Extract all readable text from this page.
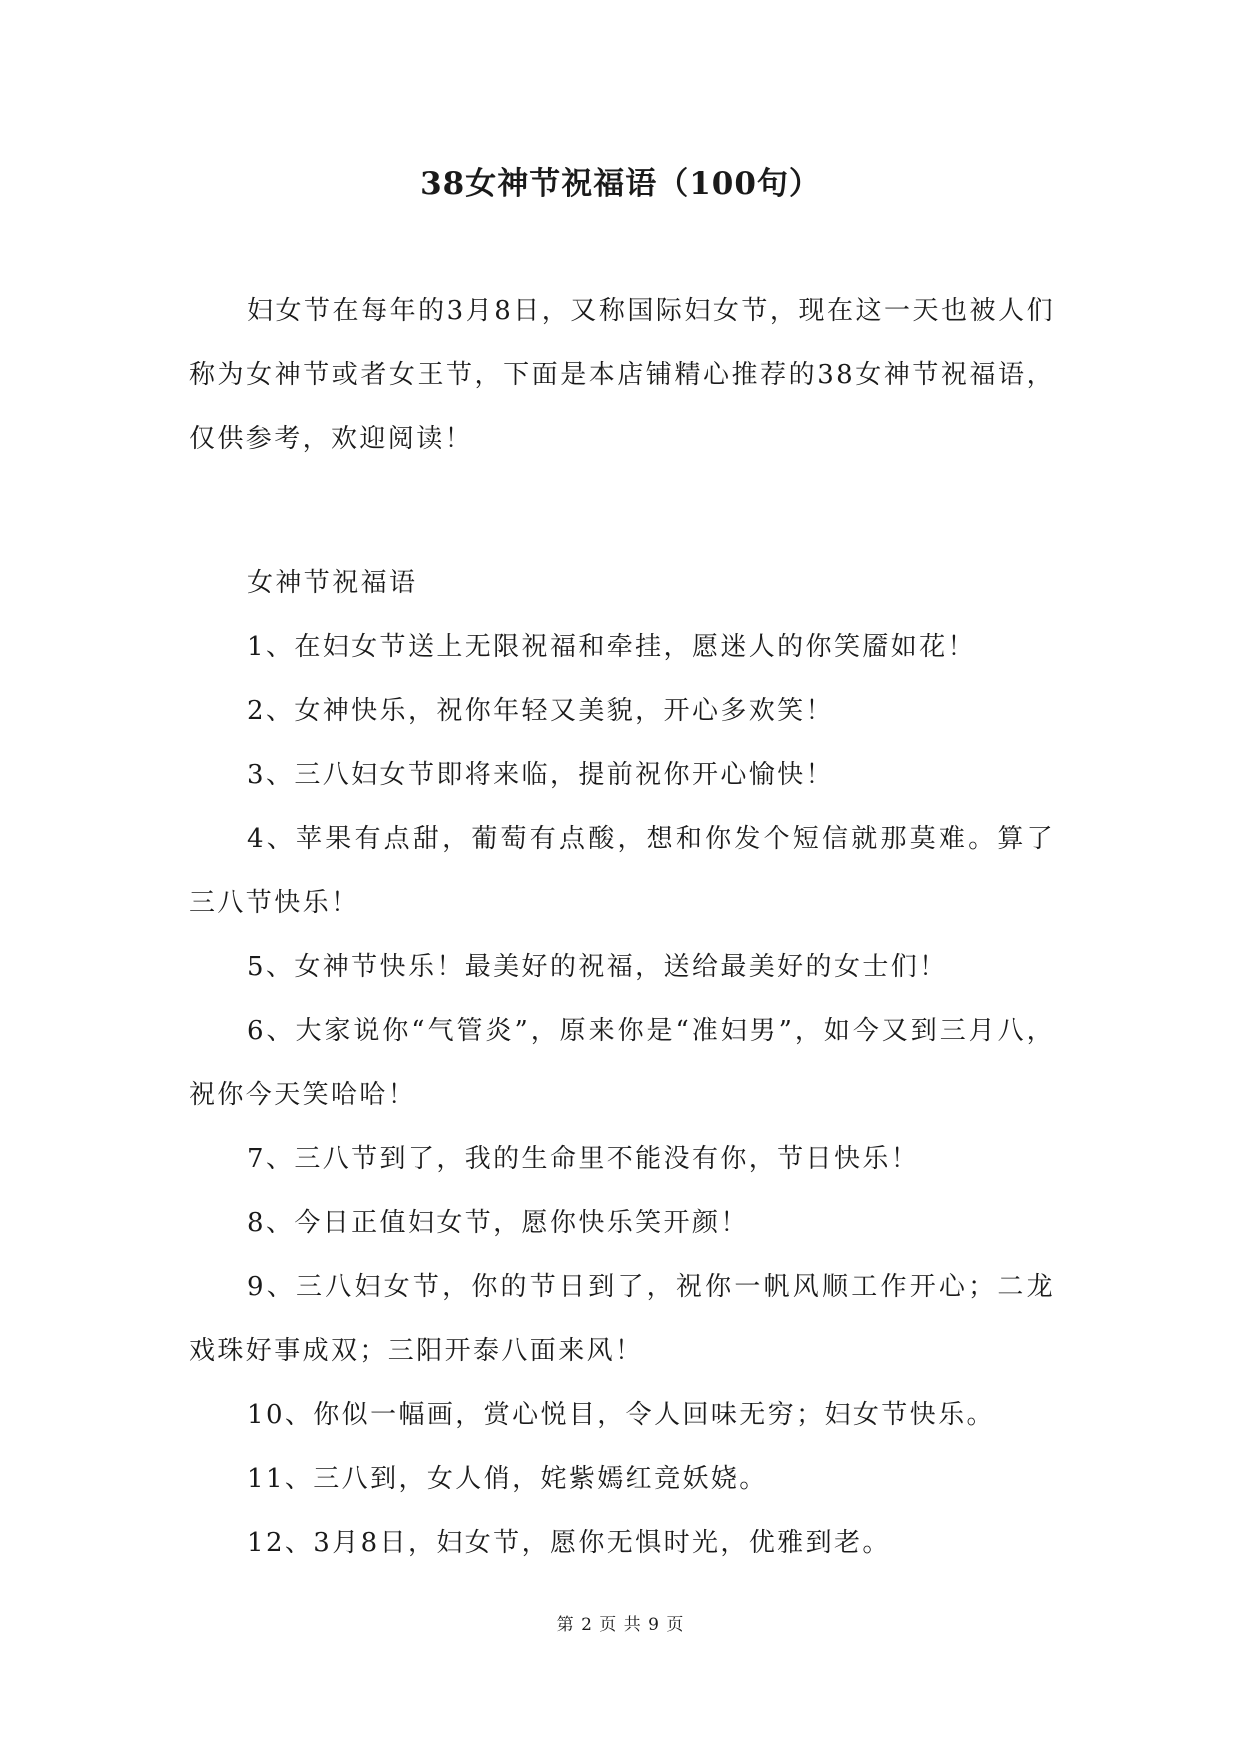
38女神节祝福语（100句）

妇女节在每年的3月8日，又称国际妇女节，现在这一天也被人们称为女神节或者女王节，下面是本店铺精心推荐的38女神节祝福语，仅供参考，欢迎阅读！

女神节祝福语

1、在妇女节送上无限祝福和牵挂，愿迷人的你笑靥如花！

2、女神快乐，祝你年轻又美貌，开心多欢笑！

3、三八妇女节即将来临，提前祝你开心愉快！

4、苹果有点甜，葡萄有点酸，想和你发个短信就那莫难。算了三八节快乐！

5、女神节快乐！最美好的祝福，送给最美好的女士们！

6、大家说你“气管炎”，原来你是“准妇男”，如今又到三月八，祝你今天笑哈哈！

7、三八节到了，我的生命里不能没有你，节日快乐！

8、今日正值妇女节，愿你快乐笑开颜！

9、三八妇女节，你的节日到了，祝你一帆风顺工作开心；二龙戏珠好事成双；三阳开泰八面来风！

10、你似一幅画，赏心悦目，令人回味无穷；妇女节快乐。

11、三八到，女人俏，姹紫嫣红竞妖娆。

12、3月8日，妇女节，愿你无惧时光，优雅到老。

第 2 页 共 9 页
